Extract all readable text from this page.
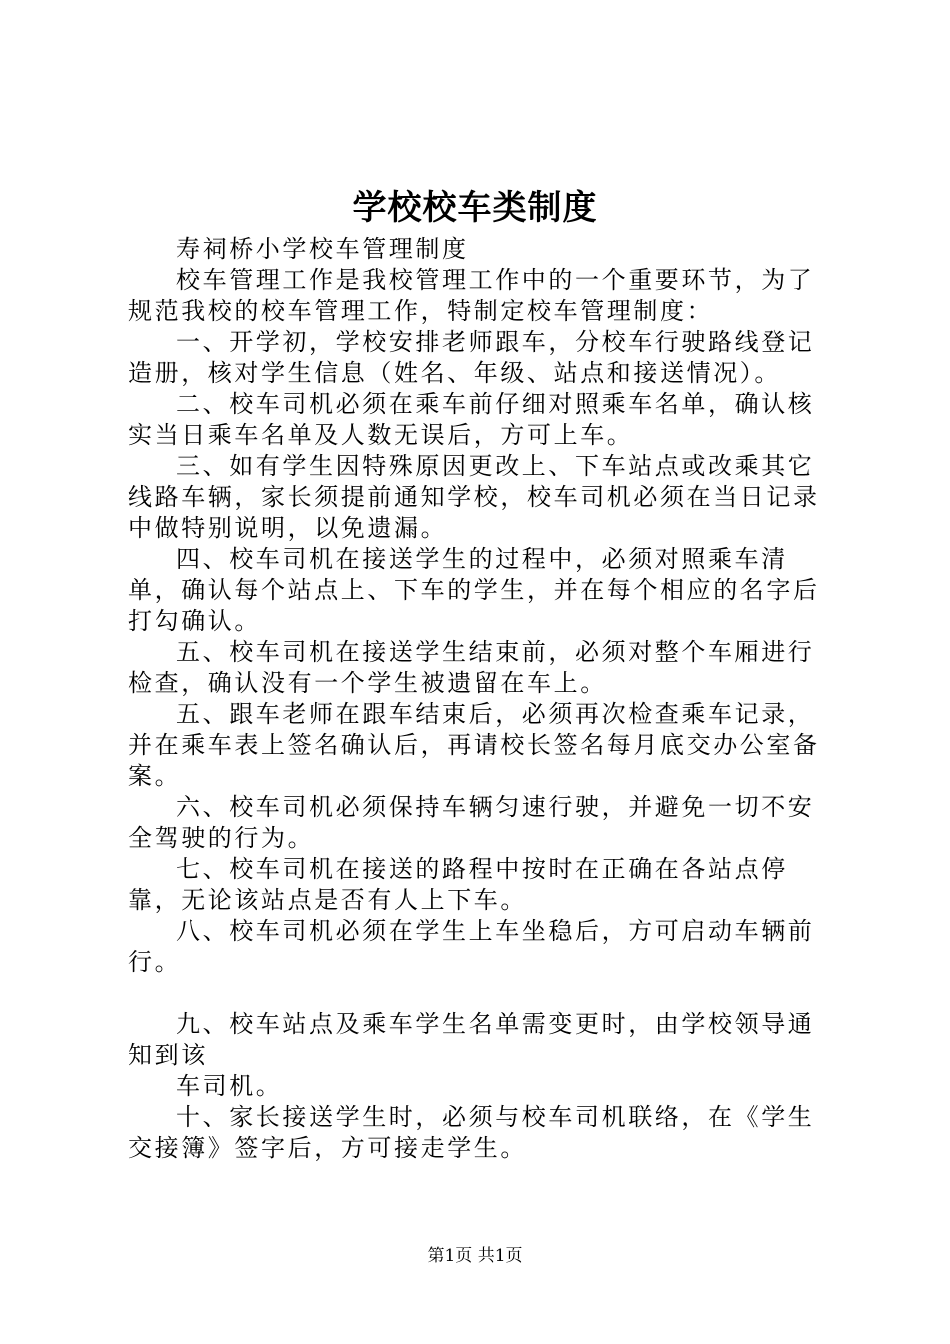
学校校车类制度

寿祠桥小学校车管理制度

校车管理工作是我校管理工作中的一个重要环节，为了规范我校的校车管理工作，特制定校车管理制度：

一、开学初，学校安排老师跟车，分校车行驶路线登记造册，核对学生信息（姓名、年级、站点和接送情况）。

二、校车司机必须在乘车前仔细对照乘车名单，确认核实当日乘车名单及人数无误后，方可上车。

三、如有学生因特殊原因更改上、下车站点或改乘其它线路车辆，家长须提前通知学校，校车司机必须在当日记录中做特别说明，以免遗漏。

四、校车司机在接送学生的过程中，必须对照乘车清单，确认每个站点上、下车的学生，并在每个相应的名字后打勾确认。

五、校车司机在接送学生结束前，必须对整个车厢进行检查，确认没有一个学生被遗留在车上。

五、跟车老师在跟车结束后，必须再次检查乘车记录，并在乘车表上签名确认后，再请校长签名每月底交办公室备案。

六、校车司机必须保持车辆匀速行驶，并避免一切不安全驾驶的行为。

七、校车司机在接送的路程中按时在正确在各站点停靠，无论该站点是否有人上下车。

八、校车司机必须在学生上车坐稳后，方可启动车辆前行。

九、校车站点及乘车学生名单需变更时，由学校领导通知到该

车司机。

十、家长接送学生时，必须与校车司机联络，在《学生交接簿》签字后，方可接走学生。

第1页 共1页
